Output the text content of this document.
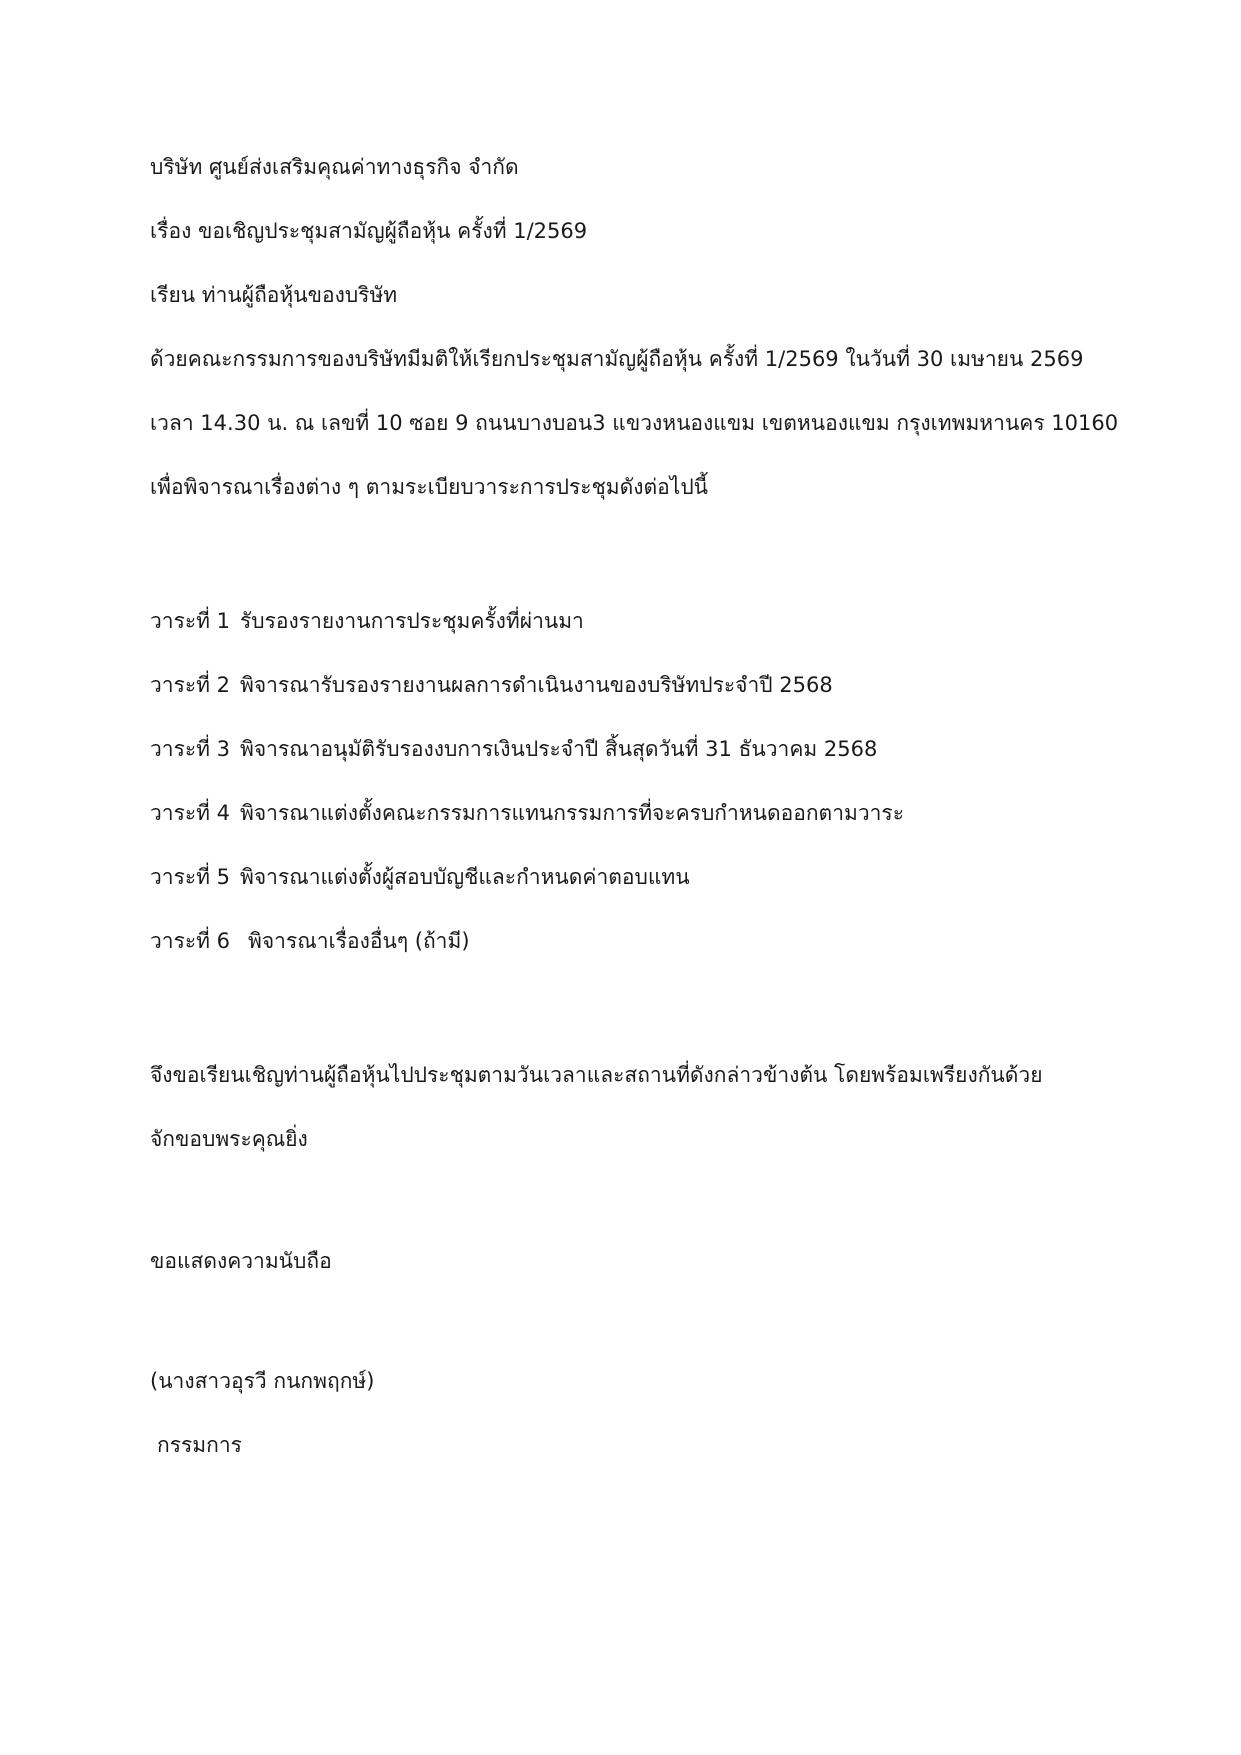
บริษัท ศูนย์ส่งเสริมคุณค่าทางธุรกิจ จำกัด

เรื่อง ขอเชิญประชุมสามัญผู้ถือหุ้น ครั้งที่ 1/2569

เรียน ท่านผู้ถือหุ้นของบริษัท

ด้วยคณะกรรมการของบริษัทมีมติให้เรียกประชุมสามัญผู้ถือหุ้น ครั้งที่ 1/2569 ในวันที่ 30 เมษายน 2569

เวลา 14.30 น. ณ เลขที่ 10 ซอย 9 ถนนบางบอน3 แขวงหนองแขม เขตหนองแขม กรุงเทพมหานคร 10160

เพื่อพิจารณาเรื่องต่าง ๆ ตามระเบียบวาระการประชุมดังต่อไปนี้

วาระที่ 1 รับรองรายงานการประชุมครั้งที่ผ่านมา

วาระที่ 2 พิจารณารับรองรายงานผลการดำเนินงานของบริษัทประจำปี 2568

วาระที่ 3 พิจารณาอนุมัติรับรองงบการเงินประจำปี สิ้นสุดวันที่ 31 ธันวาคม 2568

วาระที่ 4 พิจารณาแต่งตั้งคณะกรรมการแทนกรรมการที่จะครบกำหนดออกตามวาระ

วาระที่ 5 พิจารณาแต่งตั้งผู้สอบบัญชีและกำหนดค่าตอบแทน

วาระที่ 6 พิจารณาเรื่องอื่นๆ (ถ้ามี)

จึงขอเรียนเชิญท่านผู้ถือหุ้นไปประชุมตามวันเวลาและสถานที่ดังกล่าวข้างต้น โดยพร้อมเพรียงกันด้วย

จักขอบพระคุณยิ่ง

ขอแสดงความนับถือ

(นางสาวอุรวี กนกพฤกษ์)

กรรมการ
